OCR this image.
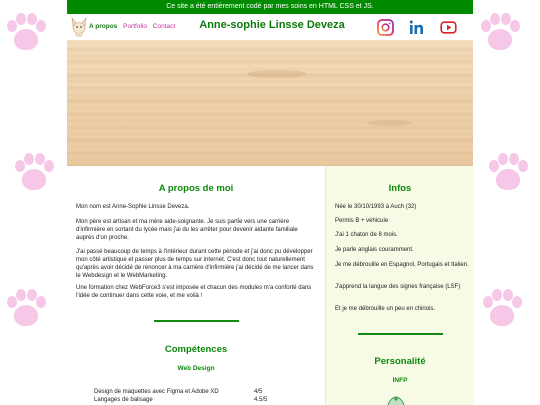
Ce site a été entièrement codé par mes soins en HTML CSS et JS.
A propos Portfolio Contact	Anne-sophie Linsse Deveza
A propos de moi

Mon nom est Anne-Sophie Linsse Deveza.

Mon père est artisan et ma mère aide-soignante. Je suis partie vers une carrière d'infirmière en sortant du lycée mais j'ai du les arrêter pour devenir aidante familiale auprès d'un proche.

J'ai passé beaucoup de temps à l'intérieur durant cette période et j'ai donc pu développer mon côté artistique et passer plus de temps sur internet. C'est donc tout naturellement qu'après avoir décidé de renoncer à ma carrière d'infirmière j'ai décidé de me lancer dans le Webdesign et le WebMarketing.

Une formation chez WebForce3 s'est imposée et chacun des modules m'a conforté dans l'idée de continuer dans cette voie, et me voilà !

Compétences
Web Design
Design de maquettes avec Figma et Adobe XD	4/5
Langages de balisage	4.5/5
Infos

Née le 30/10/1993 à Auch (32)

Permis B + véhicule

J'ai 1 chaton de 8 mois.

Je parle anglais couramment.

Je me débrouille en Espagnol, Portugais et Italien.

J'apprend la langue des signes française (LSF)

Et je me débrouille un peu en chinois.

Personalité
INFP
